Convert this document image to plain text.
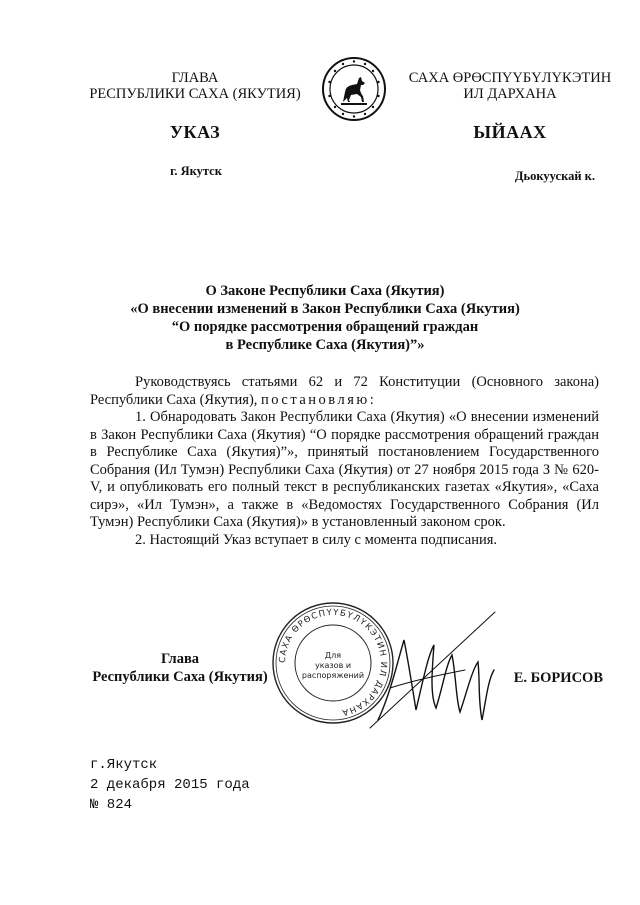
ГЛАВА
РЕСПУБЛИКИ САХА (ЯКУТИЯ)
САХА ӨРӨСПҮҮБҮЛҮКЭТИН
ИЛ ДАРХАНА
УКАЗ	ЫЙААХ
г. Якутск	Дьокуускай к.
О Законе Республики Саха (Якутия)
«О внесении изменений в Закон Республики Саха (Якутия)
“О порядке рассмотрения обращений граждан
в Республике Саха (Якутия)”»

Руководствуясь статьями 62 и 72 Конституции (Основного закона) Республики Саха (Якутия), постановляю:

1. Обнародовать Закон Республики Саха (Якутия) «О внесении изменений в Закон Республики Саха (Якутия) “О порядке рассмотрения обращений граждан в Республике Саха (Якутия)”», принятый постановлением Государственного Собрания (Ил Тумэн) Республики Саха (Якутия) от 27 ноября 2015 года З № 620-V, и опубликовать его полный текст в республиканских газетах «Якутия», «Саха сирэ», «Ил Тумэн», а также в «Ведомостях Государственного Собрания (Ил Тумэн) Республики Саха (Якутия)» в установленный законом срок.

2. Настоящий Указ вступает в силу с момента подписания.

Глава
Республики Саха (Якутия)
САХА ӨРӨСПҮҮБҮЛҮКЭТИН ИЛ ДАРХАНА
Для
указов и
распоряжений	Е. БОРИСОВ
г.Якутск
2 декабря 2015 года
№ 824
